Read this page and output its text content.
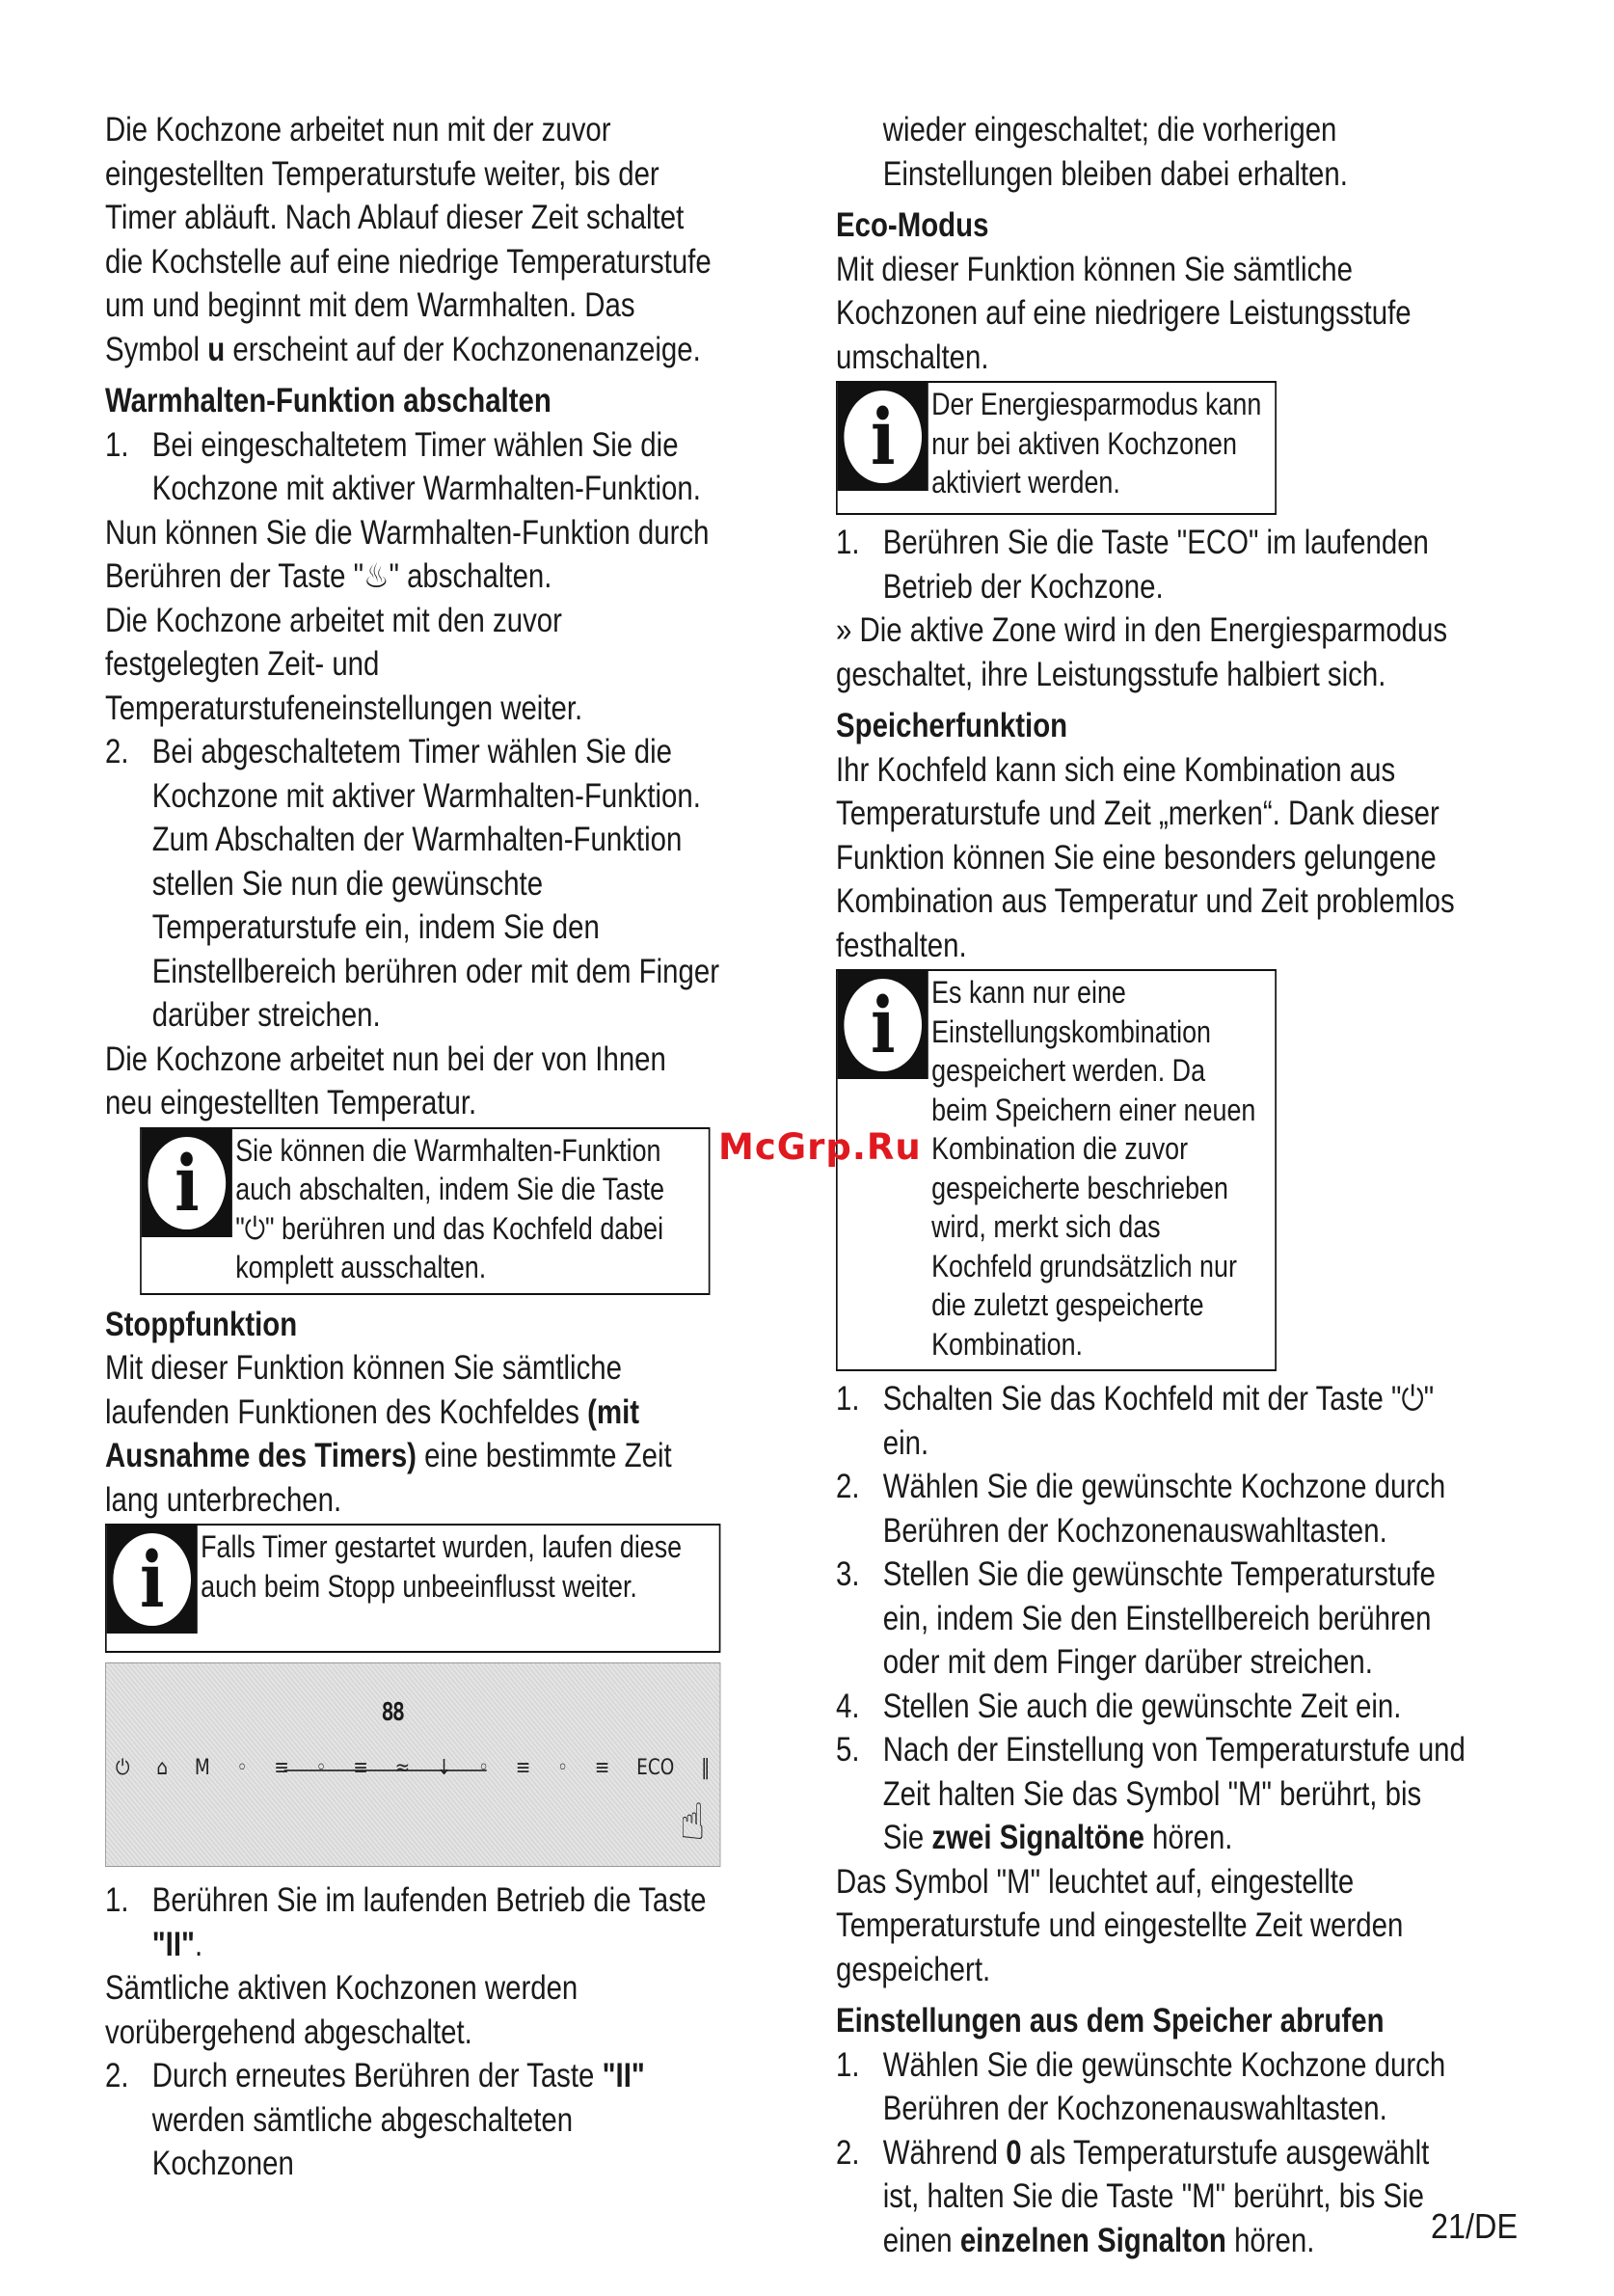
Die Kochzone arbeitet nun mit der zuvor eingestellten Temperaturstufe weiter, bis der Timer abläuft. Nach Ablauf dieser Zeit schaltet die Kochstelle auf eine niedrige Temperaturstufe um und beginnt mit dem Warmhalten. Das Symbol u erscheint auf der Kochzonenanzeige.

Warmhalten-Funktion abschalten
1. Bei eingeschaltetem Timer wählen Sie die Kochzone mit aktiver Warmhalten-Funktion.

Nun können Sie die Warmhalten-Funktion durch Berühren der Taste "♨" abschalten.

Die Kochzone arbeitet mit den zuvor festgelegten Zeit- und Temperaturstufeneinstellungen weiter.

2. Bei abgeschaltetem Timer wählen Sie die Kochzone mit aktiver Warmhalten-Funktion. Zum Abschalten der Warmhalten-Funktion stellen Sie nun die gewünschte Temperaturstufe ein, indem Sie den Einstellbereich berühren oder mit dem Finger darüber streichen.

Die Kochzone arbeitet nun bei der von Ihnen neu eingestellten Temperatur.

i	Sie können die Warmhalten-Funktion auch abschalten, indem Sie die Taste "⏻" berühren und das Kochfeld dabei komplett ausschalten.
Stoppfunktion

Mit dieser Funktion können Sie sämtliche laufenden Funktionen des Kochfeldes (mit Ausnahme des Timers) eine bestimmte Zeit lang unterbrechen.

i	Falls Timer gestartet wurden, laufen diese auch beim Stopp unbeeinflusst weiter.
88
⏻ ⌂ M ◦ ≡ ◦ ≡ ≈ ↓ ◦ ≡ ◦ ≡ ECO ‖
☝
1. Berühren Sie im laufenden Betrieb die Taste "II".

Sämtliche aktiven Kochzonen werden vorübergehend abgeschaltet.

2. Durch erneutes Berühren der Taste "II" werden sämtliche abgeschalteten Kochzonen

wieder eingeschaltet; die vorherigen Einstellungen bleiben dabei erhalten.

Eco-Modus

Mit dieser Funktion können Sie sämtliche Kochzonen auf eine niedrigere Leistungsstufe umschalten.

i	Der Energiesparmodus kann nur bei aktiven Kochzonen aktiviert werden.
1. Berühren Sie die Taste "ECO" im laufenden Betrieb der Kochzone.

» Die aktive Zone wird in den Energiesparmodus geschaltet, ihre Leistungsstufe halbiert sich.

Speicherfunktion

Ihr Kochfeld kann sich eine Kombination aus Temperaturstufe und Zeit „merken“. Dank dieser Funktion können Sie eine besonders gelungene Kombination aus Temperatur und Zeit problemlos festhalten.

i	Es kann nur eine Einstellungskombination gespeichert werden. Da beim Speichern einer neuen Kombination die zuvor gespeicherte beschrieben wird, merkt sich das Kochfeld grundsätzlich nur die zuletzt gespeicherte Kombination.
1. Schalten Sie das Kochfeld mit der Taste "⏻" ein.
2. Wählen Sie die gewünschte Kochzone durch Berühren der Kochzonenauswahltasten.
3. Stellen Sie die gewünschte Temperaturstufe ein, indem Sie den Einstellbereich berühren oder mit dem Finger darüber streichen.
4. Stellen Sie auch die gewünschte Zeit ein.
5. Nach der Einstellung von Temperaturstufe und Zeit halten Sie das Symbol "M" berührt, bis Sie zwei Signaltöne hören.

Das Symbol "M" leuchtet auf, eingestellte Temperaturstufe und eingestellte Zeit werden gespeichert.

Einstellungen aus dem Speicher abrufen
1. Wählen Sie die gewünschte Kochzone durch Berühren der Kochzonenauswahltasten.
2. Während 0 als Temperaturstufe ausgewählt ist, halten Sie die Taste "M" berührt, bis Sie einen einzelnen Signalton hören.
McGrp.Ru
21/DE
